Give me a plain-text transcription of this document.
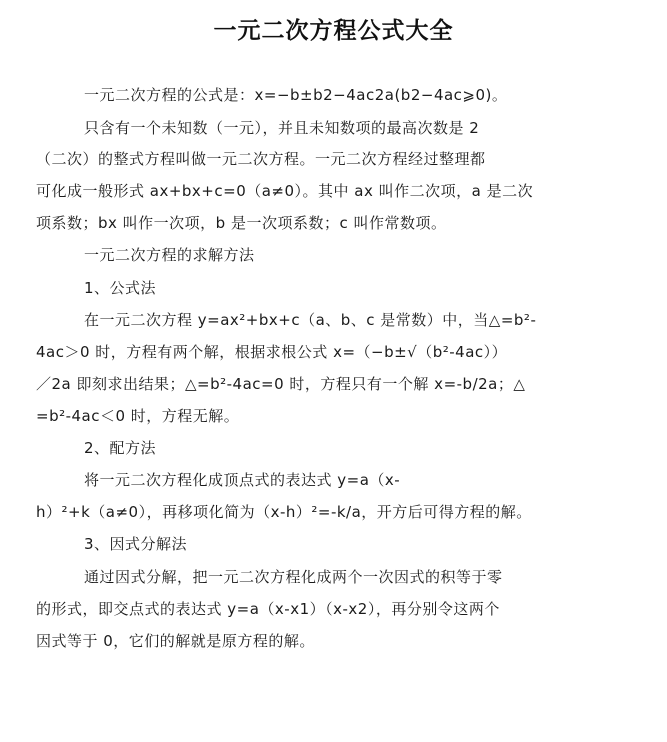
一元二次方程公式大全
一元二次方程的公式是：x=−b±b2−4ac2a(b2−4ac⩾0)。
只含有一个未知数（一元），并且未知数项的最高次数是 2
（二次）的整式方程叫做一元二次方程。一元二次方程经过整理都
可化成一般形式 ax+bx+c=0（a≠0）。其中 ax 叫作二次项，a 是二次
项系数；bx 叫作一次项，b 是一次项系数；c 叫作常数项。
一元二次方程的求解方法
1、公式法
在一元二次方程 y=ax²+bx+c（a、b、c 是常数）中，当△=b²-
4ac＞0 时，方程有两个解，根据求根公式 x=（−b±√（b²-4ac））
／2a 即刻求出结果；△=b²-4ac=0 时，方程只有一个解 x=-b/2a；△
=b²-4ac＜0 时，方程无解。
2、配方法
将一元二次方程化成顶点式的表达式 y=a（x-
h）²+k（a≠0），再移项化简为（x-h）²=-k/a，开方后可得方程的解。
3、因式分解法
通过因式分解，把一元二次方程化成两个一次因式的积等于零
的形式，即交点式的表达式 y=a（x-x1）（x-x2），再分别令这两个
因式等于 0，它们的解就是原方程的解。
